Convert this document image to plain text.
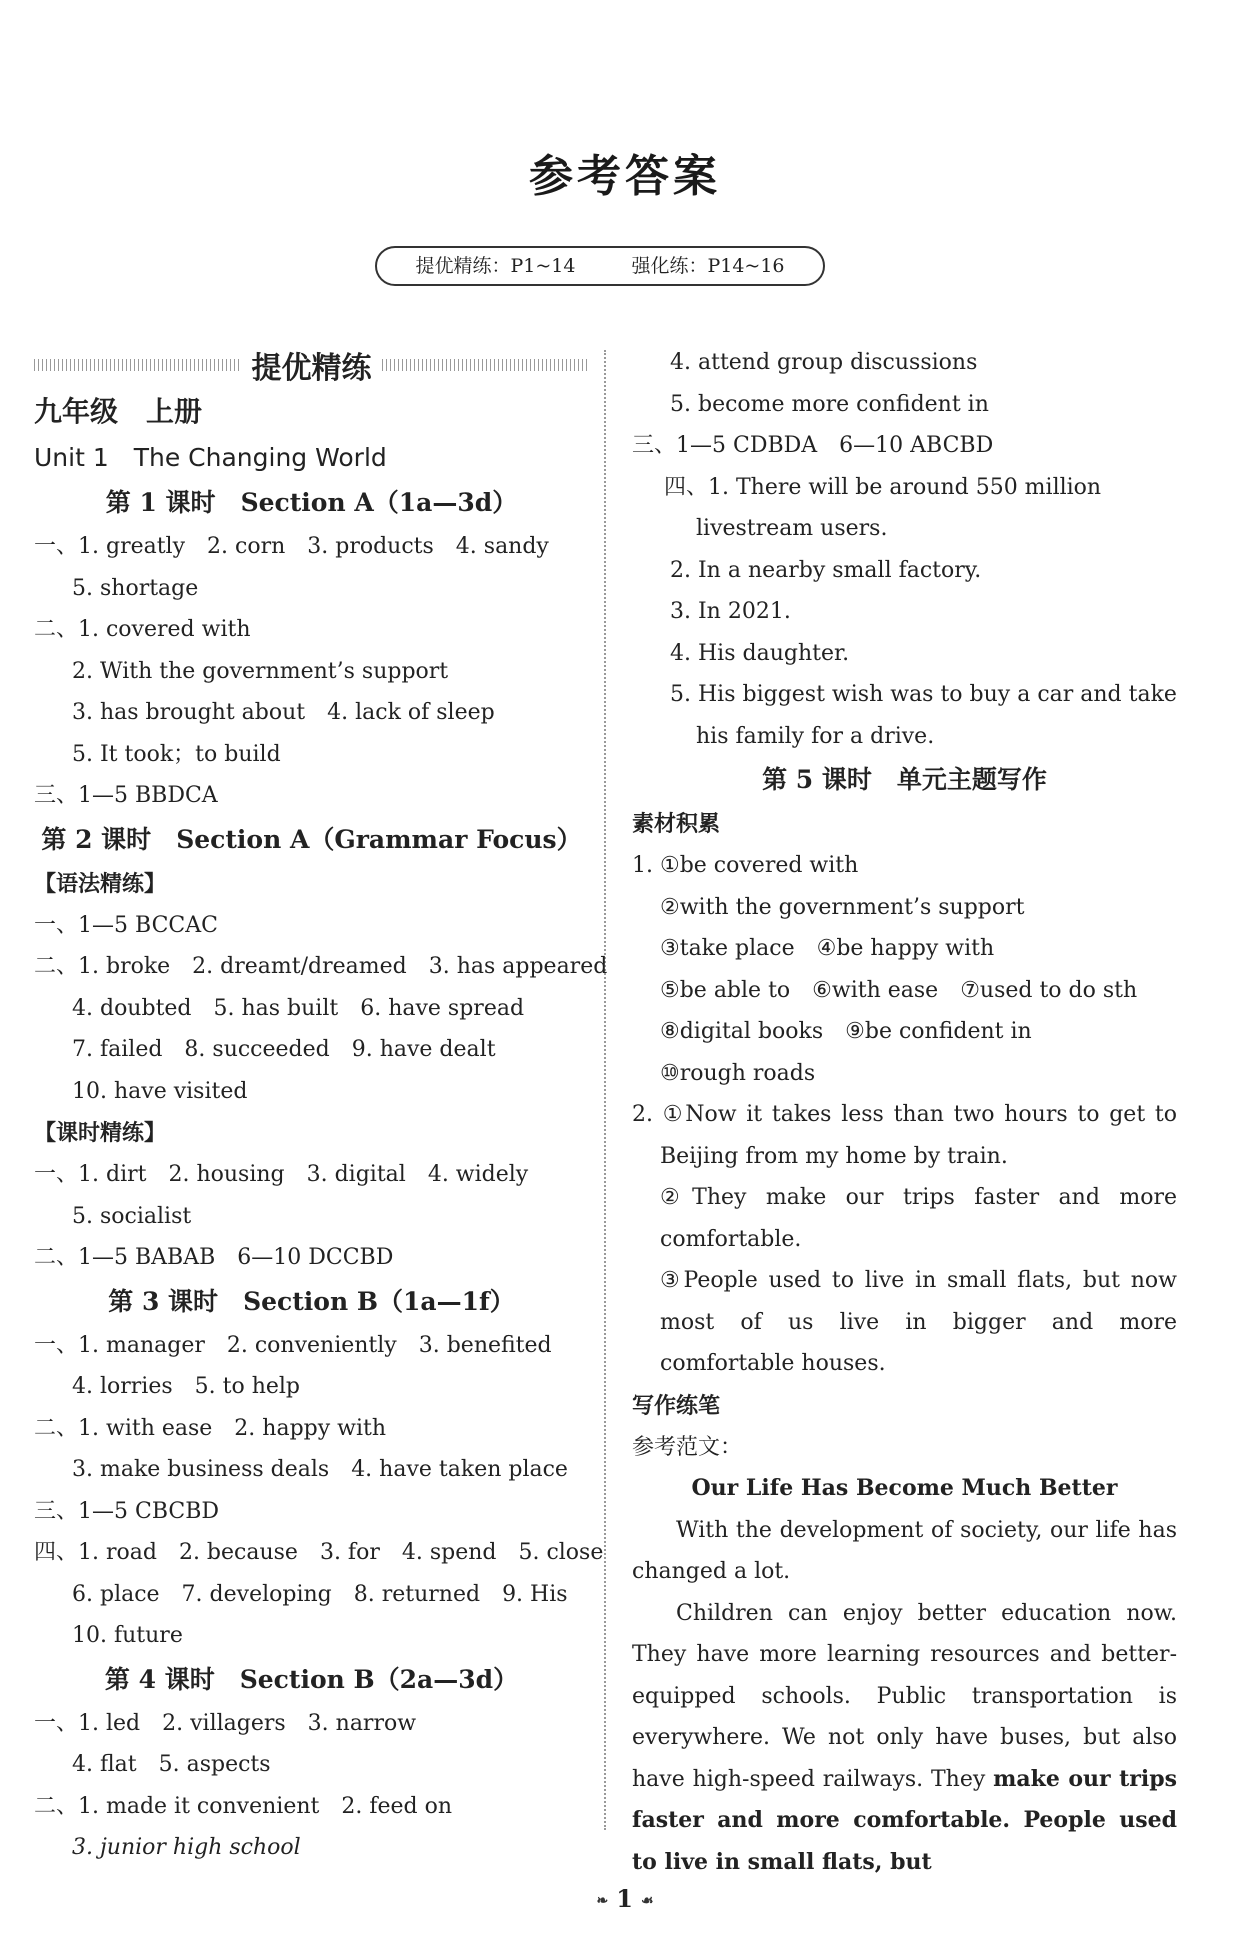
参考答案
提优精练：P1~14	强化练：P14~16
提优精练
九年级　上册
Unit 1　The Changing World
第 1 课时　 Section A（1a—3d）
一、1. greatly　2. corn　3. products　4. sandy
5. shortage
二、1. covered with
2. With the government’s support
3. has brought about　4. lack of sleep
5. It took；to build
三、1—5 BBDCA
第 2 课时　 Section A（Grammar Focus）
【语法精练】
一、1—5 BCCAC
二、1. broke　2. dreamt/dreamed　3. has appeared
4. doubted　5. has built　6. have spread
7. failed　8. succeeded　9. have dealt
10. have visited
【课时精练】
一、1. dirt　2. housing　3. digital　4. widely
5. socialist
二、1—5 BABAB　6—10 DCCBD
第 3 课时　 Section B（1a—1f）
一、1. manager　2. conveniently　3. benefited
4. lorries　5. to help
二、1. with ease　2. happy with
3. make business deals　4. have taken place
三、1—5 CBCBD
四、1. road　2. because　3. for　4. spend　5. close
6. place　7. developing　8. returned　9. His
10. future
第 4 课时　 Section B（2a—3d）
一、1. led　2. villagers　3. narrow
4. flat　5. aspects
二、1. made it convenient　2. feed on
3. junior high school
4. attend group discussions
5. become more confident in
三、1—5 CDBDA　6—10 ABCBD
四、1. There will be around 550 million livestream users.
2. In a nearby small factory.
3. In 2021.
4. His daughter.
5. His biggest wish was to buy a car and take his family for a drive.
第 5 课时　 单元主题写作
素材积累
1. ①be covered with
②with the government’s support
③take place　④be happy with
⑤be able to　⑥with ease　⑦used to do sth
⑧digital books　⑨be confident in
⑩rough roads
2. ①Now it takes less than two hours to get to Beijing from my home by train.
②They make our trips faster and more comfortable.
③People used to live in small flats, but now most of us live in bigger and more comfortable houses.
写作练笔
参考范文：
Our Life Has Become Much Better
With the development of society, our life has changed a lot.
Children can enjoy better education now. They have more learning resources and better-equipped schools. Public transportation is everywhere. We not only have buses, but also have high-speed railways. They make our trips faster and more comfortable. People used to live in small flats, but
❧ 1 ☙
